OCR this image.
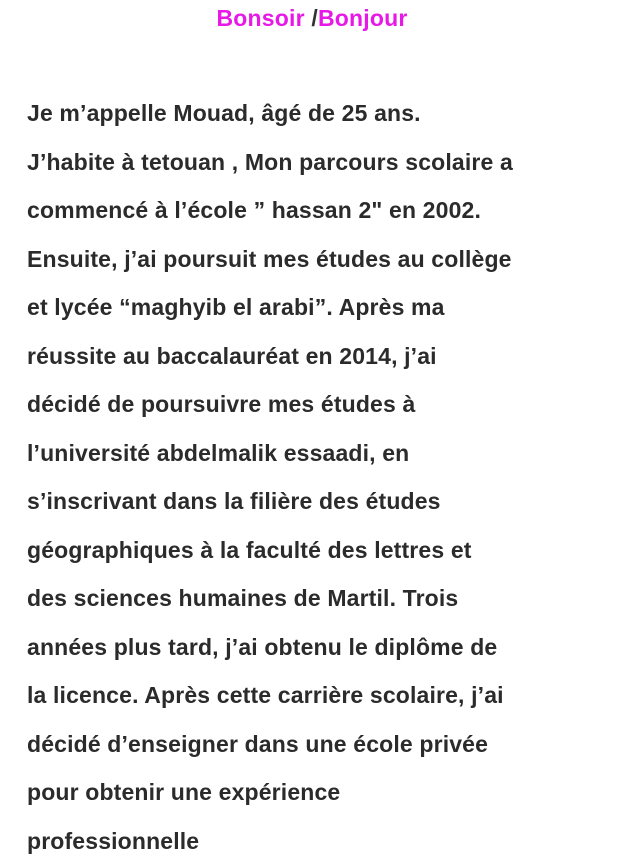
Bonsoir /Bonjour
Je m’appelle Mouad, âgé de 25 ans.
J’habite à tetouan , Mon parcours scolaire a
commencé à l’école ” hassan 2" en 2002.
Ensuite, j’ai poursuit mes études au collège
et lycée “maghyib el arabi”. Après ma
réussite au baccalauréat en 2014, j’ai
décidé de poursuivre mes études à
l’université abdelmalik essaadi, en
s’inscrivant dans la filière des études
géographiques à la faculté des lettres et
des sciences humaines de Martil. Trois
années plus tard, j’ai obtenu le diplôme de
la licence. Après cette carrière scolaire, j’ai
décidé d’enseigner dans une école privée
pour obtenir une expérience
professionnelle
